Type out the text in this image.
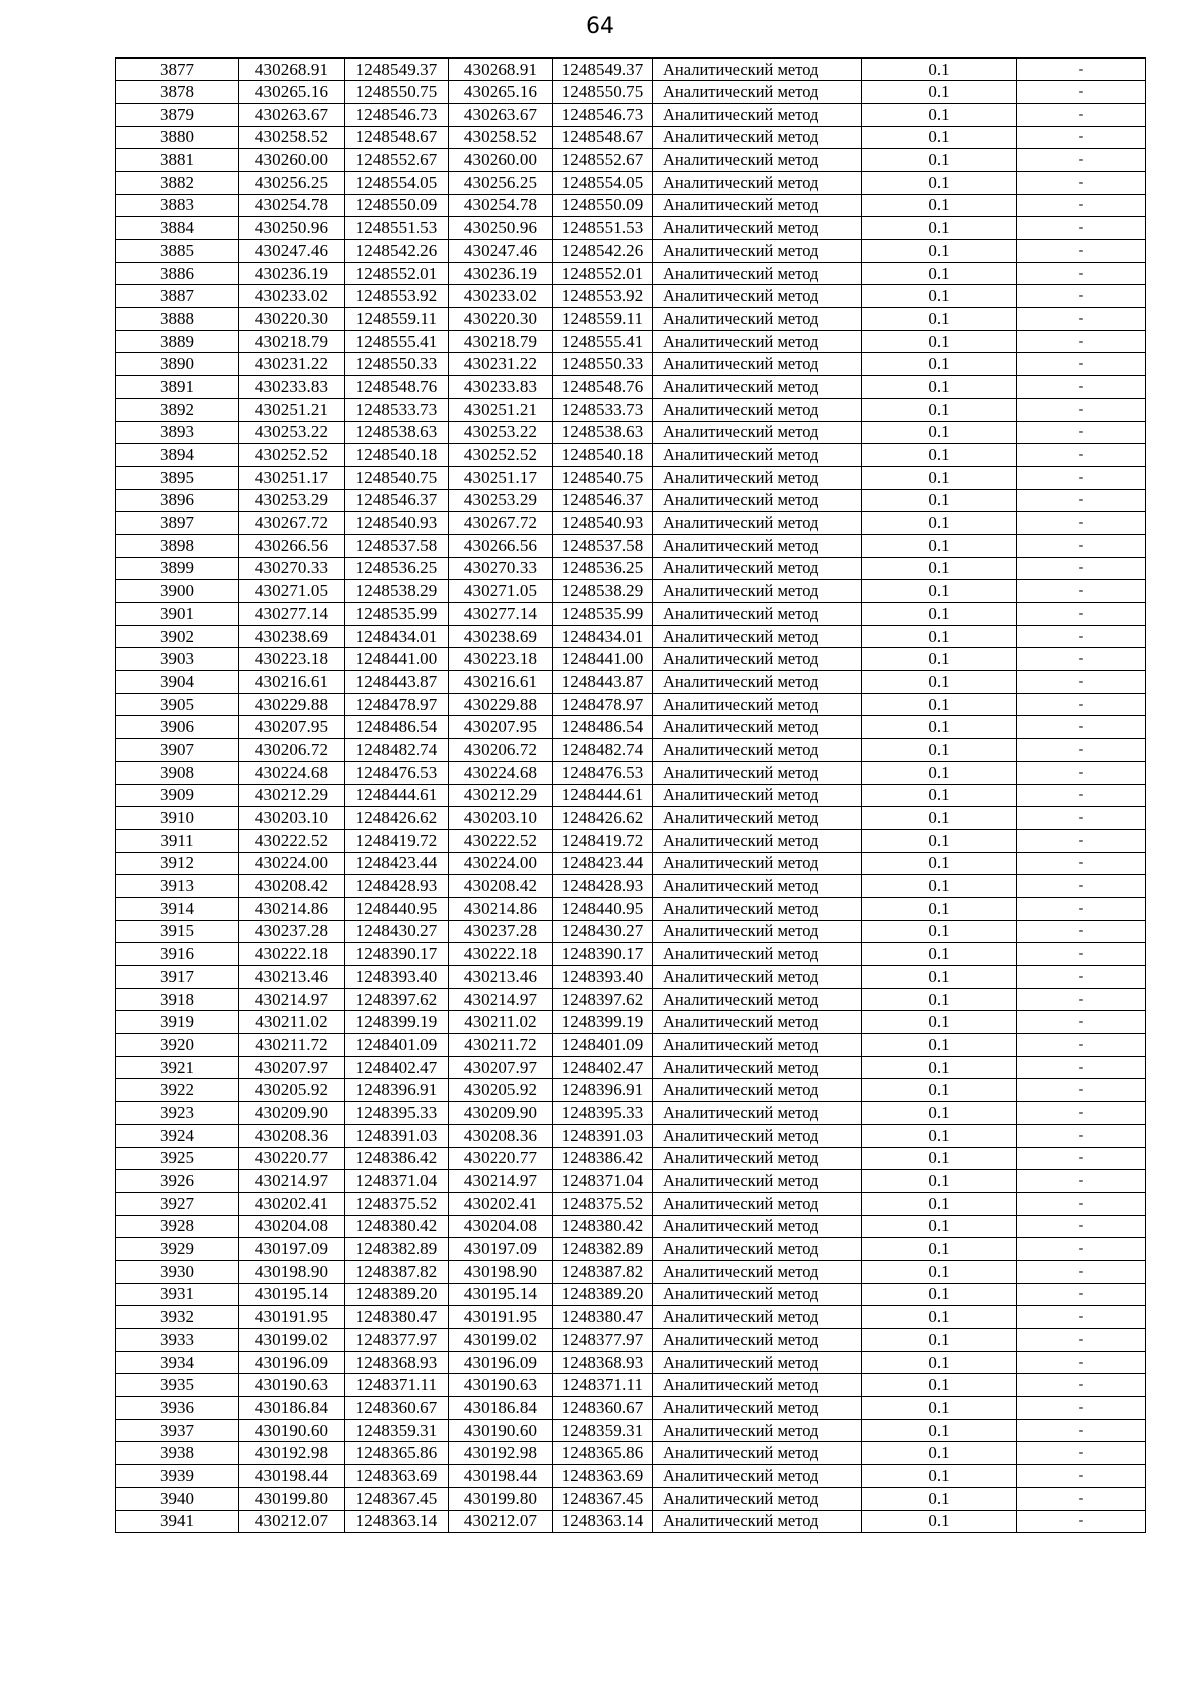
64
3877	430268.91	1248549.37	430268.91	1248549.37	Аналитический метод	0.1	-
3878	430265.16	1248550.75	430265.16	1248550.75	Аналитический метод	0.1	-
3879	430263.67	1248546.73	430263.67	1248546.73	Аналитический метод	0.1	-
3880	430258.52	1248548.67	430258.52	1248548.67	Аналитический метод	0.1	-
3881	430260.00	1248552.67	430260.00	1248552.67	Аналитический метод	0.1	-
3882	430256.25	1248554.05	430256.25	1248554.05	Аналитический метод	0.1	-
3883	430254.78	1248550.09	430254.78	1248550.09	Аналитический метод	0.1	-
3884	430250.96	1248551.53	430250.96	1248551.53	Аналитический метод	0.1	-
3885	430247.46	1248542.26	430247.46	1248542.26	Аналитический метод	0.1	-
3886	430236.19	1248552.01	430236.19	1248552.01	Аналитический метод	0.1	-
3887	430233.02	1248553.92	430233.02	1248553.92	Аналитический метод	0.1	-
3888	430220.30	1248559.11	430220.30	1248559.11	Аналитический метод	0.1	-
3889	430218.79	1248555.41	430218.79	1248555.41	Аналитический метод	0.1	-
3890	430231.22	1248550.33	430231.22	1248550.33	Аналитический метод	0.1	-
3891	430233.83	1248548.76	430233.83	1248548.76	Аналитический метод	0.1	-
3892	430251.21	1248533.73	430251.21	1248533.73	Аналитический метод	0.1	-
3893	430253.22	1248538.63	430253.22	1248538.63	Аналитический метод	0.1	-
3894	430252.52	1248540.18	430252.52	1248540.18	Аналитический метод	0.1	-
3895	430251.17	1248540.75	430251.17	1248540.75	Аналитический метод	0.1	-
3896	430253.29	1248546.37	430253.29	1248546.37	Аналитический метод	0.1	-
3897	430267.72	1248540.93	430267.72	1248540.93	Аналитический метод	0.1	-
3898	430266.56	1248537.58	430266.56	1248537.58	Аналитический метод	0.1	-
3899	430270.33	1248536.25	430270.33	1248536.25	Аналитический метод	0.1	-
3900	430271.05	1248538.29	430271.05	1248538.29	Аналитический метод	0.1	-
3901	430277.14	1248535.99	430277.14	1248535.99	Аналитический метод	0.1	-
3902	430238.69	1248434.01	430238.69	1248434.01	Аналитический метод	0.1	-
3903	430223.18	1248441.00	430223.18	1248441.00	Аналитический метод	0.1	-
3904	430216.61	1248443.87	430216.61	1248443.87	Аналитический метод	0.1	-
3905	430229.88	1248478.97	430229.88	1248478.97	Аналитический метод	0.1	-
3906	430207.95	1248486.54	430207.95	1248486.54	Аналитический метод	0.1	-
3907	430206.72	1248482.74	430206.72	1248482.74	Аналитический метод	0.1	-
3908	430224.68	1248476.53	430224.68	1248476.53	Аналитический метод	0.1	-
3909	430212.29	1248444.61	430212.29	1248444.61	Аналитический метод	0.1	-
3910	430203.10	1248426.62	430203.10	1248426.62	Аналитический метод	0.1	-
3911	430222.52	1248419.72	430222.52	1248419.72	Аналитический метод	0.1	-
3912	430224.00	1248423.44	430224.00	1248423.44	Аналитический метод	0.1	-
3913	430208.42	1248428.93	430208.42	1248428.93	Аналитический метод	0.1	-
3914	430214.86	1248440.95	430214.86	1248440.95	Аналитический метод	0.1	-
3915	430237.28	1248430.27	430237.28	1248430.27	Аналитический метод	0.1	-
3916	430222.18	1248390.17	430222.18	1248390.17	Аналитический метод	0.1	-
3917	430213.46	1248393.40	430213.46	1248393.40	Аналитический метод	0.1	-
3918	430214.97	1248397.62	430214.97	1248397.62	Аналитический метод	0.1	-
3919	430211.02	1248399.19	430211.02	1248399.19	Аналитический метод	0.1	-
3920	430211.72	1248401.09	430211.72	1248401.09	Аналитический метод	0.1	-
3921	430207.97	1248402.47	430207.97	1248402.47	Аналитический метод	0.1	-
3922	430205.92	1248396.91	430205.92	1248396.91	Аналитический метод	0.1	-
3923	430209.90	1248395.33	430209.90	1248395.33	Аналитический метод	0.1	-
3924	430208.36	1248391.03	430208.36	1248391.03	Аналитический метод	0.1	-
3925	430220.77	1248386.42	430220.77	1248386.42	Аналитический метод	0.1	-
3926	430214.97	1248371.04	430214.97	1248371.04	Аналитический метод	0.1	-
3927	430202.41	1248375.52	430202.41	1248375.52	Аналитический метод	0.1	-
3928	430204.08	1248380.42	430204.08	1248380.42	Аналитический метод	0.1	-
3929	430197.09	1248382.89	430197.09	1248382.89	Аналитический метод	0.1	-
3930	430198.90	1248387.82	430198.90	1248387.82	Аналитический метод	0.1	-
3931	430195.14	1248389.20	430195.14	1248389.20	Аналитический метод	0.1	-
3932	430191.95	1248380.47	430191.95	1248380.47	Аналитический метод	0.1	-
3933	430199.02	1248377.97	430199.02	1248377.97	Аналитический метод	0.1	-
3934	430196.09	1248368.93	430196.09	1248368.93	Аналитический метод	0.1	-
3935	430190.63	1248371.11	430190.63	1248371.11	Аналитический метод	0.1	-
3936	430186.84	1248360.67	430186.84	1248360.67	Аналитический метод	0.1	-
3937	430190.60	1248359.31	430190.60	1248359.31	Аналитический метод	0.1	-
3938	430192.98	1248365.86	430192.98	1248365.86	Аналитический метод	0.1	-
3939	430198.44	1248363.69	430198.44	1248363.69	Аналитический метод	0.1	-
3940	430199.80	1248367.45	430199.80	1248367.45	Аналитический метод	0.1	-
3941	430212.07	1248363.14	430212.07	1248363.14	Аналитический метод	0.1	-
